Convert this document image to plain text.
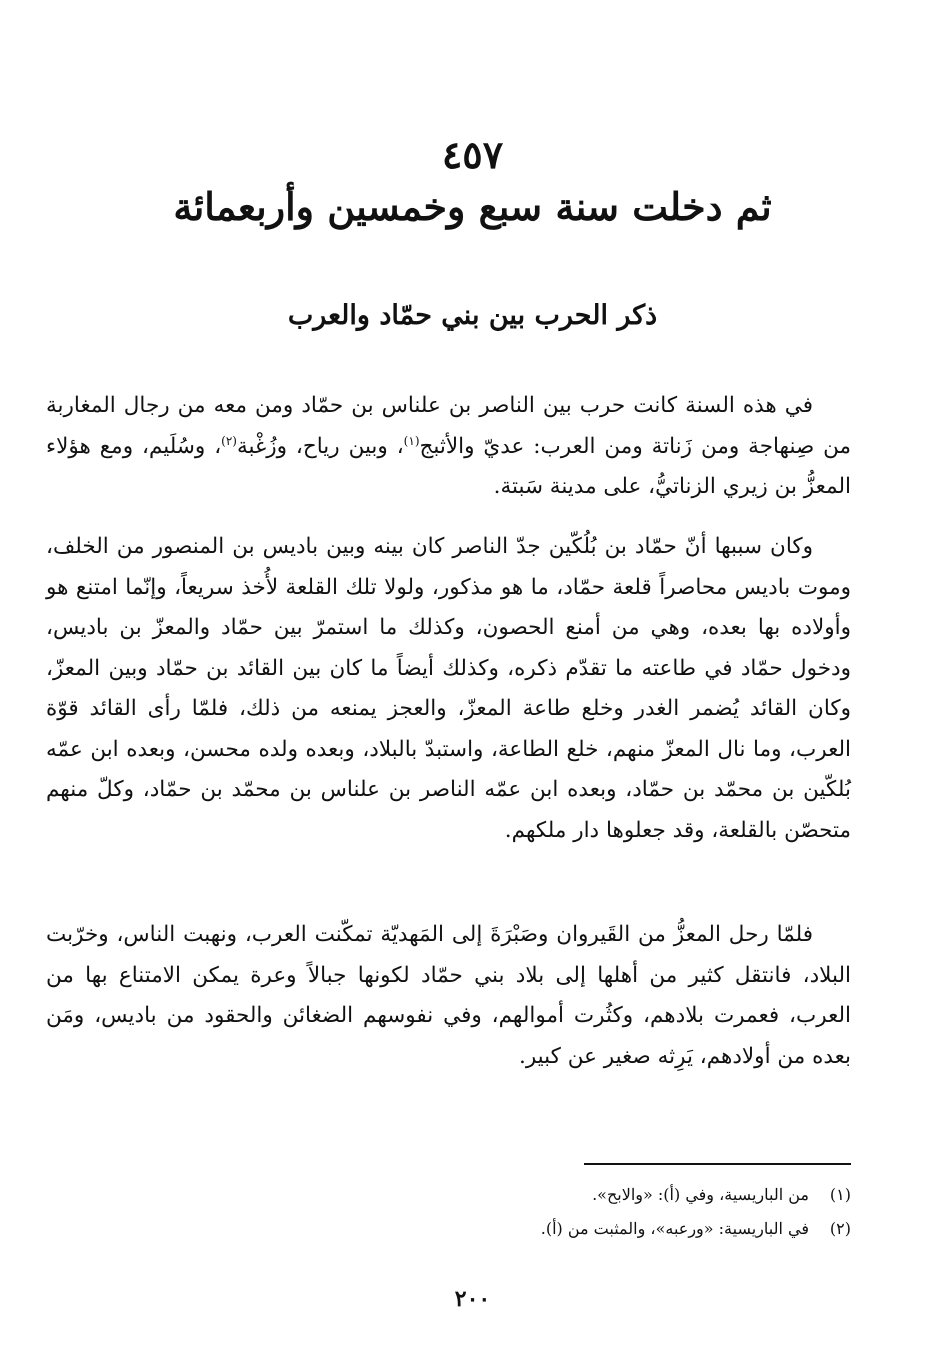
٤٥٧
ثم دخلت سنة سبع وخمسين وأربعمائة
ذكر الحرب بين بني حمّاد والعرب

في هذه السنة كانت حرب بين الناصر بن علناس بن حمّاد ومن معه من رجال المغاربة من صِنهاجة ومن زَناتة ومن العرب: عديّ والأثبج$^{(١)}$، وبين رياح، وزُغْبة$^{(٢)}$، وسُلَيم، ومع هؤلاء المعزُّ بن زيري الزناتيُّ، على مدينة سَبتة.

وكان سببها أنّ حمّاد بن بُلُكّين جدّ الناصر كان بينه وبين باديس بن المنصور من الخلف، وموت باديس محاصراً قلعة حمّاد، ما هو مذكور، ولولا تلك القلعة لأُخذ سريعاً، وإنّما امتنع هو وأولاده بها بعده، وهي من أمنع الحصون، وكذلك ما استمرّ بين حمّاد والمعزّ بن باديس، ودخول حمّاد في طاعته ما تقدّم ذكره، وكذلك أيضاً ما كان بين القائد بن حمّاد وبين المعزّ، وكان القائد يُضمر الغدر وخلع طاعة المعزّ، والعجز يمنعه من ذلك، فلمّا رأى القائد قوّة العرب، وما نال المعزّ منهم، خلع الطاعة، واستبدّ بالبلاد، وبعده ولده محسن، وبعده ابن عمّه بُلكّين بن محمّد بن حمّاد، وبعده ابن عمّه الناصر بن علناس بن محمّد بن حمّاد، وكلّ منهم متحصّن بالقلعة، وقد جعلوها دار ملكهم.

فلمّا رحل المعزُّ من القَيروان وصَبْرَةَ إلى المَهديّة تمكّنت العرب، ونهبت الناس، وخرّبت البلاد، فانتقل كثير من أهلها إلى بلاد بني حمّاد لكونها جبالاً وعرة يمكن الامتناع بها من العرب، فعمرت بلادهم، وكثُرت أموالهم، وفي نفوسهم الضغائن والحقود من باديس، ومَن بعده من أولادهم، يَرِثه صغير عن كبير.

(١)من الباريسية، وفي (أ): «والابح».
(٢)في الباريسية: «ورعبه»، والمثبت من (أ).
٢٠٠
